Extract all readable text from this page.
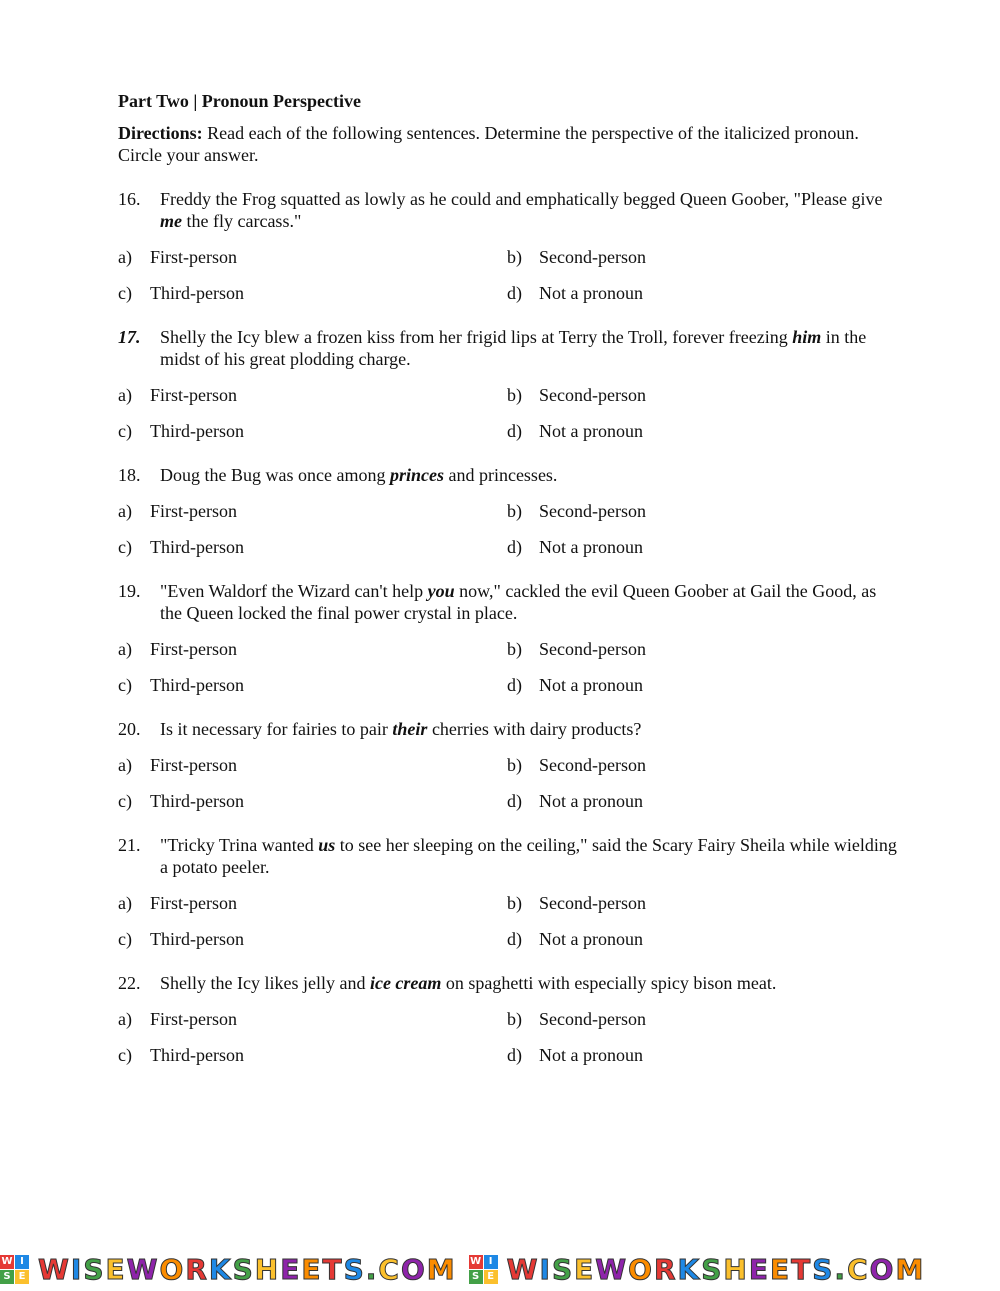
Part Two | Pronoun Perspective
Directions: Read each of the following sentences. Determine the perspective of the italicized pronoun. Circle your answer.
16.	Freddy the Frog squatted as lowly as he could and emphatically begged Queen Goober, "Please give me the fly carcass."
a) First-person	b) Second-person
c) Third-person	d) Not a pronoun
17.	Shelly the Icy blew a frozen kiss from her frigid lips at Terry the Troll, forever freezing him in the midst of his great plodding charge.
a) First-person	b) Second-person
c) Third-person	d) Not a pronoun
18.	Doug the Bug was once among princes and princesses.
a) First-person	b) Second-person
c) Third-person	d) Not a pronoun
19.	"Even Waldorf the Wizard can't help you now," cackled the evil Queen Goober at Gail the Good, as the Queen locked the final power crystal in place.
a) First-person	b) Second-person
c) Third-person	d) Not a pronoun
20.	Is it necessary for fairies to pair their cherries with dairy products?
a) First-person	b) Second-person
c) Third-person	d) Not a pronoun
21.	"Tricky Trina wanted us to see her sleeping on the ceiling," said the Scary Fairy Sheila while wielding a potato peeler.
a) First-person	b) Second-person
c) Third-person	d) Not a pronoun
22.	Shelly the Icy likes jelly and ice cream on spaghetti with especially spicy bison meat.
a) First-person	b) Second-person
c) Third-person	d) Not a pronoun
W I
S E WISEWORKSHEETS.COM W I
S E WISEWORKSHEETS.COM
